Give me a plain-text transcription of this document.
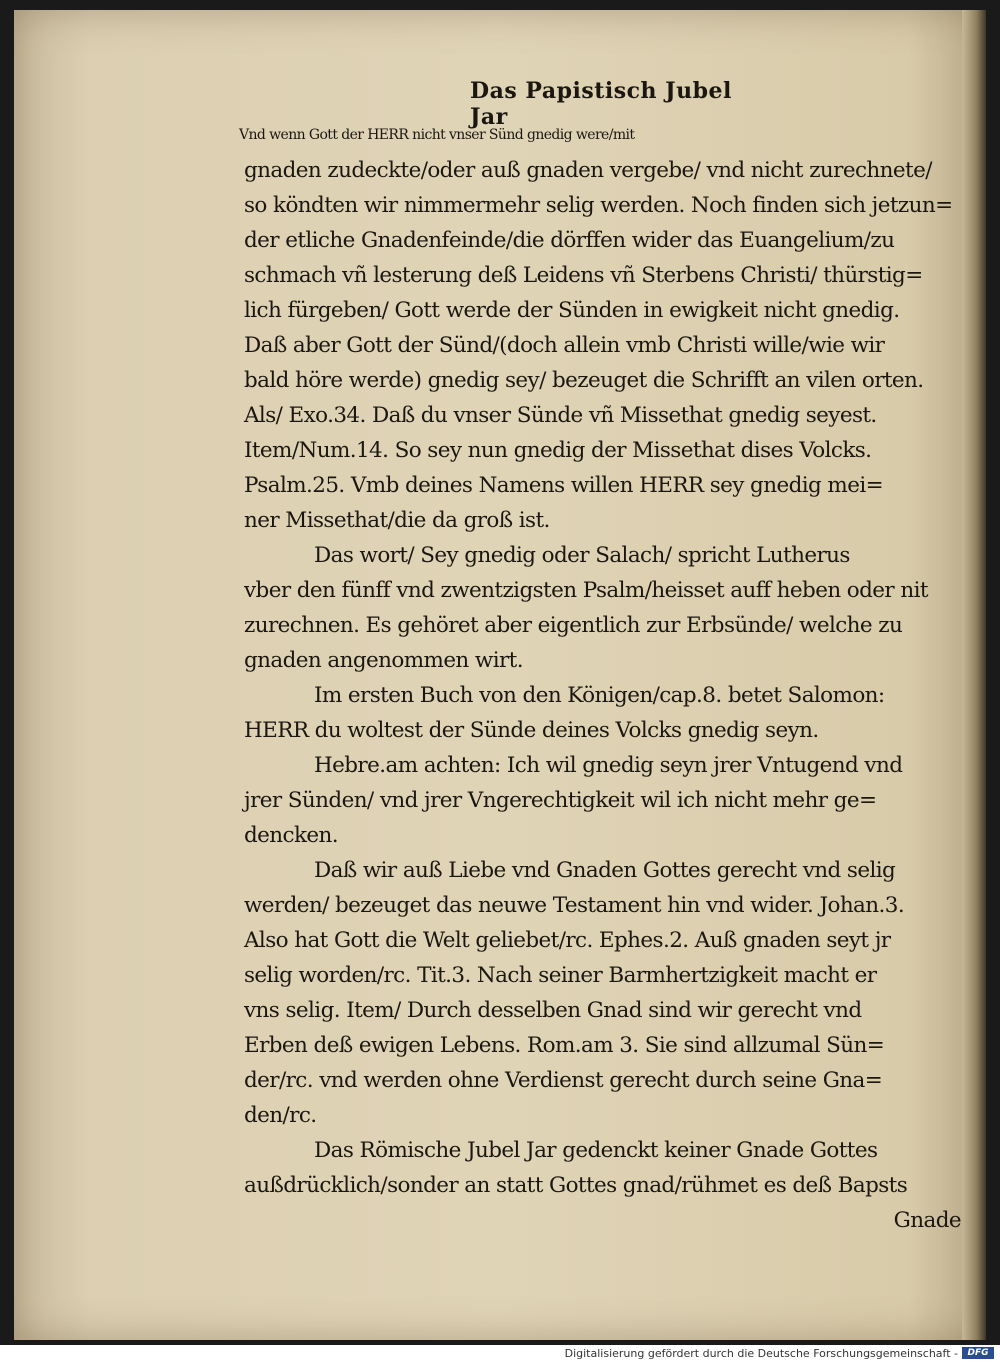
Das Papistisch Jubel Jar
Vnd wenn Gott der HERR nicht vnser Sünd gnedig were/mit
gnaden zudeckte/oder auß gnaden vergebe/ vnd nicht zurechnete/
so köndten wir nimmermehr selig werden. Noch finden sich jetzun=
der etliche Gnadenfeinde/die dörffen wider das Euangelium/zu
schmach vñ lesterung deß Leidens vñ Sterbens Christi/ thürstig=
lich fürgeben/ Gott werde der Sünden in ewigkeit nicht gnedig.
Daß aber Gott der Sünd/(doch allein vmb Christi wille/wie wir
bald höre werde) gnedig sey/ bezeuget die Schrifft an vilen orten.
Als/ Exo.34. Daß du vnser Sünde vñ Missethat gnedig seyest.
Item/Num.14. So sey nun gnedig der Missethat dises Volcks.
Psalm.25. Vmb deines Namens willen HERR sey gnedig mei=
ner Missethat/die da groß ist.
Das wort/ Sey gnedig oder Salach/ spricht Lutherus
vber den fünff vnd zwentzigsten Psalm/heisset auff heben oder nit
zurechnen. Es gehöret aber eigentlich zur Erbsünde/ welche zu
gnaden angenommen wirt.
Im ersten Buch von den Königen/cap.8. betet Salomon:
HERR du woltest der Sünde deines Volcks gnedig seyn.
Hebre.am achten: Ich wil gnedig seyn jrer Vntugend vnd
jrer Sünden/ vnd jrer Vngerechtigkeit wil ich nicht mehr ge=
dencken.
Daß wir auß Liebe vnd Gnaden Gottes gerecht vnd selig
werden/ bezeuget das neuwe Testament hin vnd wider. Johan.3.
Also hat Gott die Welt geliebet/rc. Ephes.2. Auß gnaden seyt jr
selig worden/rc. Tit.3. Nach seiner Barmhertzigkeit macht er
vns selig. Item/ Durch desselben Gnad sind wir gerecht vnd
Erben deß ewigen Lebens. Rom.am 3. Sie sind allzumal Sün=
der/rc. vnd werden ohne Verdienst gerecht durch seine Gna=
den/rc.
Das Römische Jubel Jar gedenckt keiner Gnade Gottes
außdrücklich/sonder an statt Gottes gnad/rühmet es deß Bapsts
Gnade
Digitalisierung gefördert durch die Deutsche Forschungsgemeinschaft -	DFG
